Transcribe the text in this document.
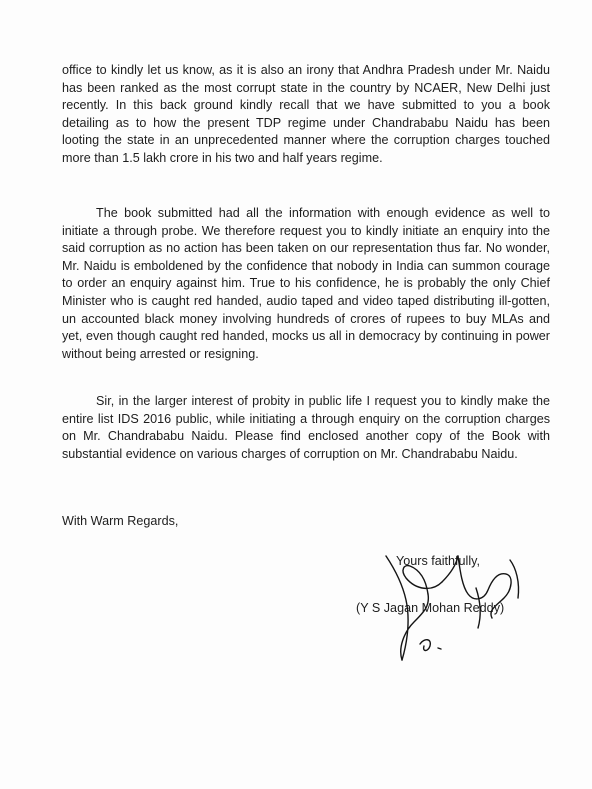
office to kindly let us know, as it is also an irony that Andhra Pradesh under Mr. Naidu has been ranked as the most corrupt state in the country by NCAER, New Delhi just recently. In this back ground kindly recall that we have submitted to you a book detailing as to how the present TDP regime under Chandrababu Naidu has been looting the state in an unprecedented manner where the corruption charges touched more than 1.5 lakh crore in his two and half years regime.

The book submitted had all the information with enough evidence as well to initiate a through probe. We therefore request you to kindly initiate an enquiry into the said corruption as no action has been taken on our representation thus far. No wonder, Mr. Naidu is emboldened by the confidence that nobody in India can summon courage to order an enquiry against him. True to his confidence, he is probably the only Chief Minister who is caught red handed, audio taped and video taped distributing ill-gotten, un accounted black money involving hundreds of crores of rupees to buy MLAs and yet, even though caught red handed, mocks us all in democracy by continuing in power without being arrested or resigning.

Sir, in the larger interest of probity in public life I request you to kindly make the entire list IDS 2016 public, while initiating a through enquiry on the corruption charges on Mr. Chandrababu Naidu. Please find enclosed another copy of the Book with substantial evidence on various charges of corruption on Mr. Chandrababu Naidu.

With Warm Regards,

Yours faithfully,
(Y S Jagan Mohan Reddy)
